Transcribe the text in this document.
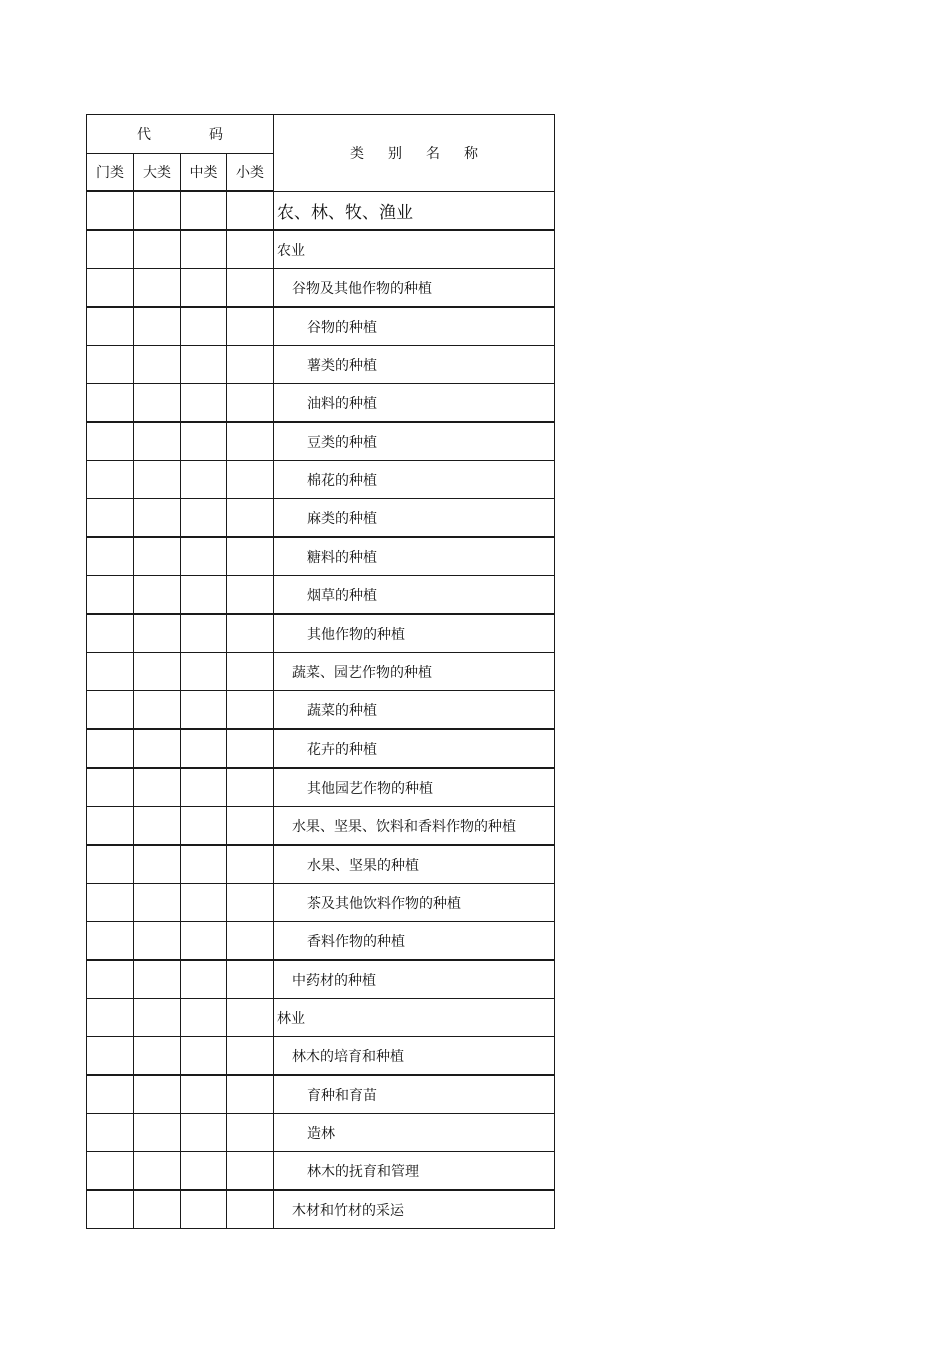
代 码				类 别 名 称
门类	大类	中类	小类	
				农、林、牧、渔业
				农业
				谷物及其他作物的种植
				谷物的种植
				薯类的种植
				油料的种植
				豆类的种植
				棉花的种植
				麻类的种植
				糖料的种植
				烟草的种植
				其他作物的种植
				蔬菜、园艺作物的种植
				蔬菜的种植
				花卉的种植
				其他园艺作物的种植
				水果、坚果、饮料和香料作物的种植
				水果、坚果的种植
				茶及其他饮料作物的种植
				香料作物的种植
				中药材的种植
				林业
				林木的培育和种植
				育种和育苗
				造林
				林木的抚育和管理
				木材和竹材的采运
